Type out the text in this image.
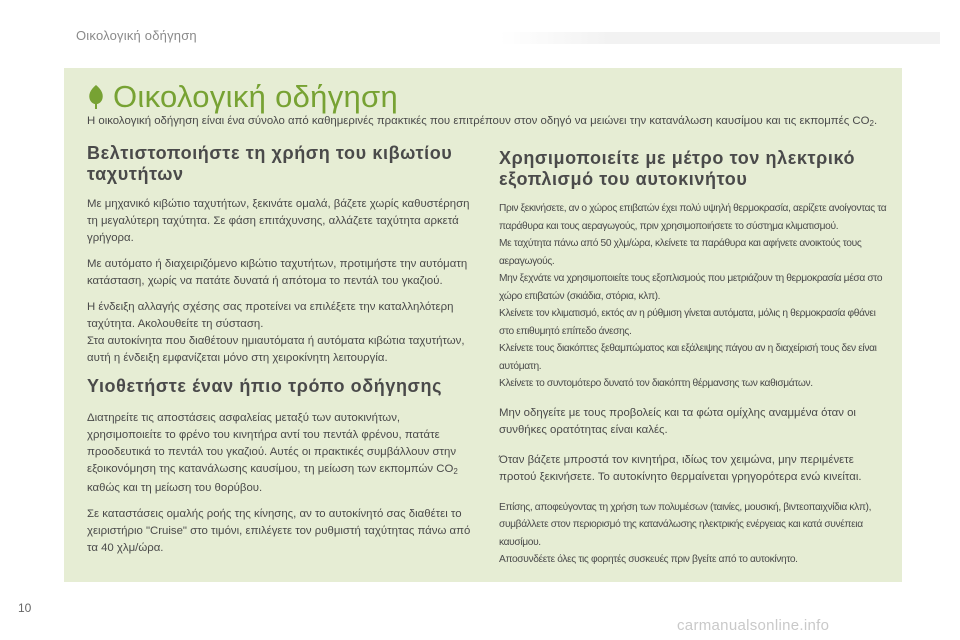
Οικολογική οδήγηση
Οικολογική οδήγηση
Η οικολογική οδήγηση είναι ένα σύνολο από καθημερινές πρακτικές που επιτρέπουν στον οδηγό να μειώνει την κατανάλωση καυσίμου και τις εκπομπές $CO_2$.
Βελτιστοποιήστε τη χρήση του κιβωτίου ταχυτήτων

Με μηχανικό κιβώτιο ταχυτήτων, ξεκινάτε ομαλά, βάζετε χωρίς καθυστέρηση τη μεγαλύτερη ταχύτητα. Σε φάση επιτάχυνσης, αλλάζετε ταχύτητα αρκετά γρήγορα.

Με αυτόματο ή διαχειριζόμενο κιβώτιο ταχυτήτων, προτιμήστε την αυτόματη κατάσταση, χωρίς να πατάτε δυνατά ή απότομα το πεντάλ του γκαζιού.

Η ένδειξη αλλαγής σχέσης σας προτείνει να επιλέξετε την καταλληλότερη ταχύτητα. Ακολουθείτε τη σύσταση.

Στα αυτοκίνητα που διαθέτουν ημιαυτόματα ή αυτόματα κιβώτια ταχυτήτων, αυτή η ένδειξη εμφανίζεται μόνο στη χειροκίνητη λειτουργία.

Υιοθετήστε έναν ήπιο τρόπο οδήγησης

Διατηρείτε τις αποστάσεις ασφαλείας μεταξύ των αυτοκινήτων, χρησιμοποιείτε το φρένο του κινητήρα αντί του πεντάλ φρένου, πατάτε προοδευτικά το πεντάλ του γκαζιού. Αυτές οι πρακτικές συμβάλλουν στην εξοικονόμηση της κατανάλωσης καυσίμου, τη μείωση των εκπομπών $CO_2$ καθώς και τη μείωση του θορύβου.

Σε καταστάσεις ομαλής ροής της κίνησης, αν το αυτοκίνητό σας διαθέτει το χειριστήριο "Cruise" στο τιμόνι, επιλέγετε τον ρυθμιστή ταχύτητας πάνω από τα 40 χλμ/ώρα.

Χρησιμοποιείτε με μέτρο τον ηλεκτρικό εξοπλισμό του αυτοκινήτου

Πριν ξεκινήσετε, αν ο χώρος επιβατών έχει πολύ υψηλή θερμοκρασία, αερίζετε ανοίγοντας τα παράθυρα και τους αεραγωγούς, πριν χρησιμοποιήσετε το σύστημα κλιματισμού.

Με ταχύτητα πάνω από 50 χλμ/ώρα, κλείνετε τα παράθυρα και αφήνετε ανοικτούς τους αεραγωγούς.

Μην ξεχνάτε να χρησιμοποιείτε τους εξοπλισμούς που μετριάζουν τη θερμοκρασία μέσα στο χώρο επιβατών (σκιάδια, στόρια, κλπ).

Κλείνετε τον κλιματισμό, εκτός αν η ρύθμιση γίνεται αυτόματα, μόλις η θερμοκρασία φθάνει στο επιθυμητό επίπεδο άνεσης.

Κλείνετε τους διακόπτες ξεθαμπώματος και εξάλειψης πάγου αν η διαχείρισή τους δεν είναι αυτόματη.

Κλείνετε το συντομότερο δυνατό τον διακόπτη θέρμανσης των καθισμάτων.

Μην οδηγείτε με τους προβολείς και τα φώτα ομίχλης αναμμένα όταν οι συνθήκες ορατότητας είναι καλές.

Όταν βάζετε μπροστά τον κινητήρα, ιδίως τον χειμώνα, μην περιμένετε προτού ξεκινήσετε. Το αυτοκίνητο θερμαίνεται γρηγορότερα ενώ κινείται.

Επίσης, αποφεύγοντας τη χρήση των πολυμέσων (ταινίες, μουσική, βιντεοπαιχνίδια κλπ), συμβάλλετε στον περιορισμό της κατανάλωσης ηλεκτρικής ενέργειας και κατά συνέπεια καυσίμου.

Αποσυνδέετε όλες τις φορητές συσκευές πριν βγείτε από το αυτοκίνητο.

10
carmanualsonline.info
